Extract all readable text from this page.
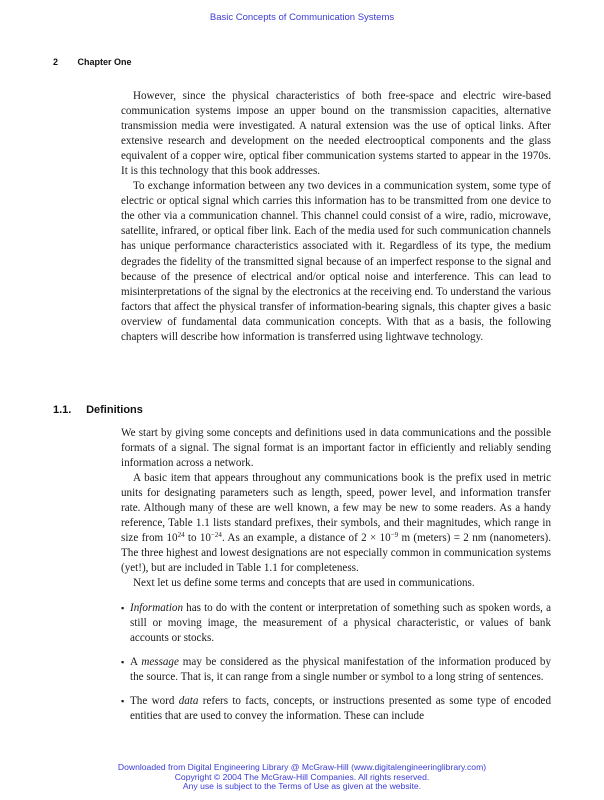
Basic Concepts of Communication Systems
2 Chapter One

However, since the physical characteristics of both free-space and electric wire-based communication systems impose an upper bound on the transmission capacities, alternative transmission media were investigated. A natural extension was the use of optical links. After extensive research and development on the needed electrooptical components and the glass equivalent of a copper wire, optical fiber communication systems started to appear in the 1970s. It is this technology that this book addresses.

To exchange information between any two devices in a communication system, some type of electric or optical signal which carries this information has to be transmitted from one device to the other via a communication channel. This channel could consist of a wire, radio, microwave, satellite, infrared, or optical fiber link. Each of the media used for such communication channels has unique performance characteristics associated with it. Regardless of its type, the medium degrades the fidelity of the transmitted signal because of an imperfect response to the signal and because of the presence of electrical and/or optical noise and interference. This can lead to misinterpretations of the signal by the electronics at the receiving end. To understand the various factors that affect the physical transfer of information-bearing signals, this chapter gives a basic overview of fundamental data communication concepts. With that as a basis, the following chapters will describe how information is transferred using lightwave technology.

1.1. Definitions

We start by giving some concepts and definitions used in data communications and the possible formats of a signal. The signal format is an important factor in efficiently and reliably sending information across a network.

A basic item that appears throughout any communications book is the prefix used in metric units for designating parameters such as length, speed, power level, and information transfer rate. Although many of these are well known, a few may be new to some readers. As a handy reference, Table 1.1 lists standard prefixes, their symbols, and their magnitudes, which range in size from $10^{24}$ to $10^{-24}$. As an example, a distance of $2 \times 10^{-9}$ m (meters) = 2 nm (nanometers). The three highest and lowest designations are not especially common in communication systems (yet!), but are included in Table 1.1 for completeness.

Next let us define some terms and concepts that are used in communications.

▪ Information has to do with the content or interpretation of something such as spoken words, a still or moving image, the measurement of a physical characteristic, or values of bank accounts or stocks.
▪ A message may be considered as the physical manifestation of the information produced by the source. That is, it can range from a single number or symbol to a long string of sentences.
▪ The word data refers to facts, concepts, or instructions presented as some type of encoded entities that are used to convey the information. These can include
Downloaded from Digital Engineering Library @ McGraw-Hill (www.digitalengineeringlibrary.com)
Copyright © 2004 The McGraw-Hill Companies. All rights reserved.
Any use is subject to the Terms of Use as given at the website.
